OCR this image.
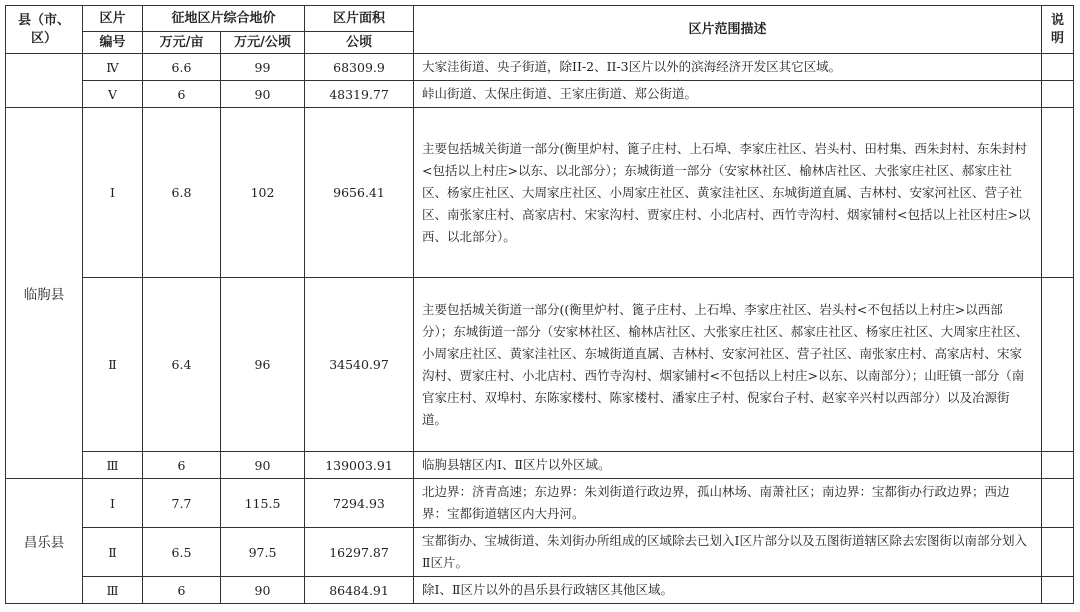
县（市、区）	区片	征地区片综合地价		区片面积	区片范围描述	说明
	编号	万元/亩	万元/公顷	公顷		
	Ⅳ	6.6	99	68309.9	大家洼街道、央子街道，除II-2、II-3区片以外的滨海经济开发区其它区域。	
	Ⅴ	6	90	48319.77	峠山街道、太保庄街道、王家庄街道、郑公街道。	
临朐县	Ⅰ	6.8	102	9656.41	主要包括城关街道一部分(衡里炉村、篦子庄村、上石埠、李家庄社区、岩头村、田村集、西朱封村、东朱封村<包括以上村庄>以东、以北部分）；东城街道一部分（安家林社区、榆林店社区、大张家庄社区、郝家庄社区、杨家庄社区、大周家庄社区、小周家庄社区、黄家洼社区、东城街道直属、吉林村、安家河社区、营子社区、南张家庄村、高家店村、宋家沟村、贾家庄村、小北店村、西竹寺沟村、烟家铺村<包括以上社区村庄>以西、以北部分）。	
	Ⅱ	6.4	96	34540.97	主要包括城关街道一部分((衡里炉村、篦子庄村、上石埠、李家庄社区、岩头村<不包括以上村庄>以西部分）；东城街道一部分（安家林社区、榆林店社区、大张家庄社区、郝家庄社区、杨家庄社区、大周家庄社区、小周家庄社区、黄家洼社区、东城街道直属、吉林村、安家河社区、营子社区、南张家庄村、高家店村、宋家沟村、贾家庄村、小北店村、西竹寺沟村、烟家铺村<不包括以上村庄>以东、以南部分）；山旺镇一部分（南官家庄村、双埠村、东陈家楼村、陈家楼村、潘家庄子村、倪家台子村、赵家辛兴村以西部分）以及冶源街道。	
	Ⅲ	6	90	139003.91	临朐县辖区内Ⅰ、Ⅱ区片以外区域。	
昌乐县	Ⅰ	7.7	115.5	7294.93	北边界：济青高速；东边界：朱刘街道行政边界，孤山林场、南萧社区；南边界：宝都街办行政边界；西边界：宝都街道辖区内大丹河。	
	Ⅱ	6.5	97.5	16297.87	宝都街办、宝城街道、朱刘街办所组成的区域除去已划入Ⅰ区片部分以及五图街道辖区除去宏图街以南部分划入Ⅱ区片。	
	Ⅲ	6	90	86484.91	除Ⅰ、Ⅱ区片以外的昌乐县行政辖区其他区域。	
